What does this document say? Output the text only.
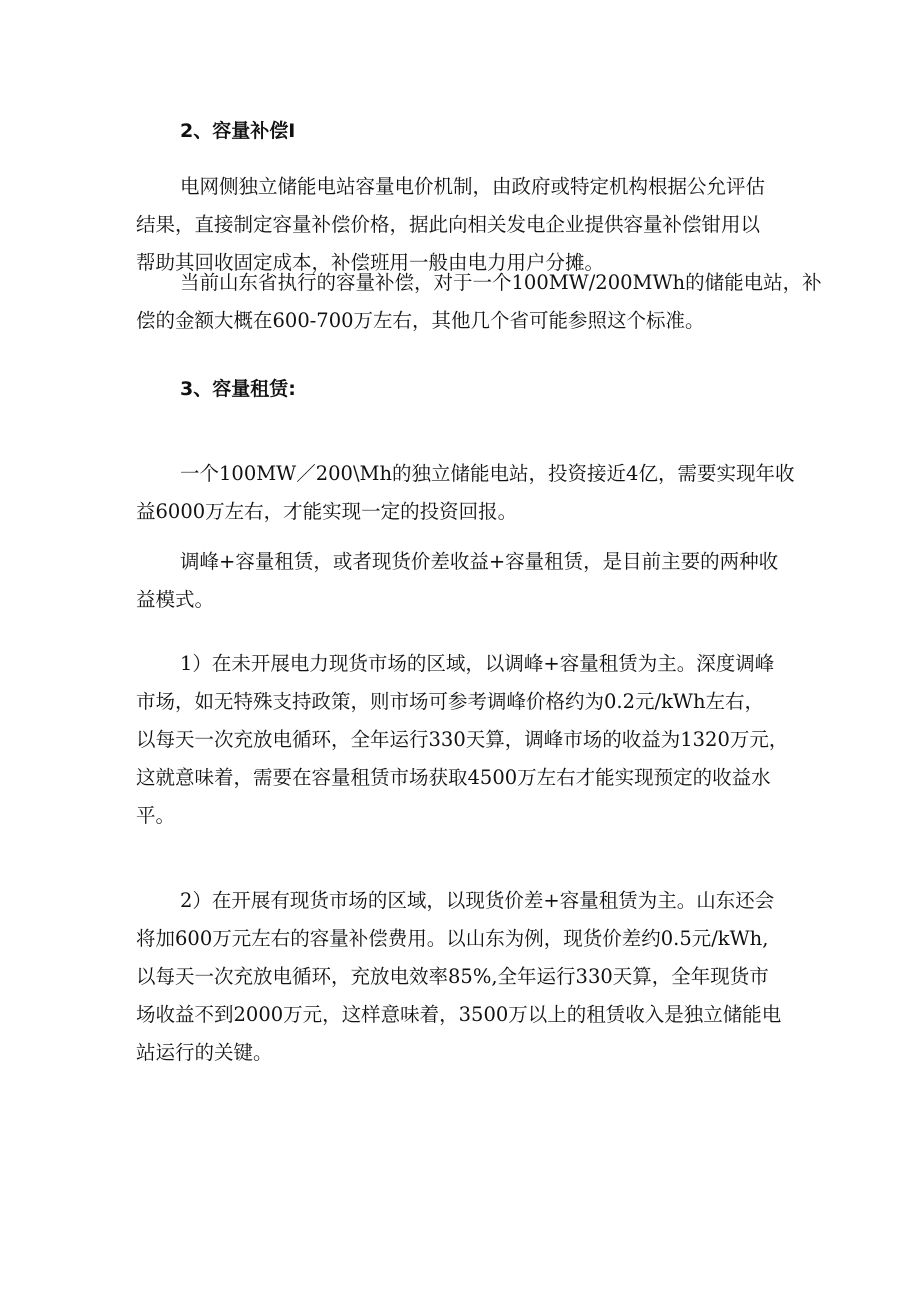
2、容量补偿I
电网侧独立储能电站容量电价机制，由政府或特定机构根据公允评估
结果，直接制定容量补偿价格，据此向相关发电企业提供容量补偿钳用以
帮助其回收固定成本，补偿班用一般由电力用户分摊。
当前山东省执行的容量补偿，对于一个100MW/200MWh的储能电站，补
偿的金额大概在600-700万左右，其他几个省可能参照这个标准。
3、容量租赁:
一个100MW／200\Mh的独立储能电站，投资接近4亿，需要实现年收
益6000万左右，才能实现一定的投资回报。
调峰+容量租赁，或者现货价差收益+容量租赁，是目前主要的两种收
益模式。
1）在未开展电力现货市场的区域，以调峰+容量租赁为主。深度调峰
市场，如无特殊支持政策，则市场可参考调峰价格约为0.2元/kWh左右，
以每天一次充放电循环，全年运行330天算，调峰市场的收益为1320万元，
这就意味着，需要在容量租赁市场获取4500万左右才能实现预定的收益水
平。
2）在开展有现货市场的区域，以现货价差+容量租赁为主。山东还会
将加600万元左右的容量补偿费用。以山东为例，现货价差约0.5元/kWh,
以每天一次充放电循环，充放电效率85%,全年运行330天算，全年现货市
场收益不到2000万元，这样意味着，3500万以上的租赁收入是独立储能电
站运行的关键。
